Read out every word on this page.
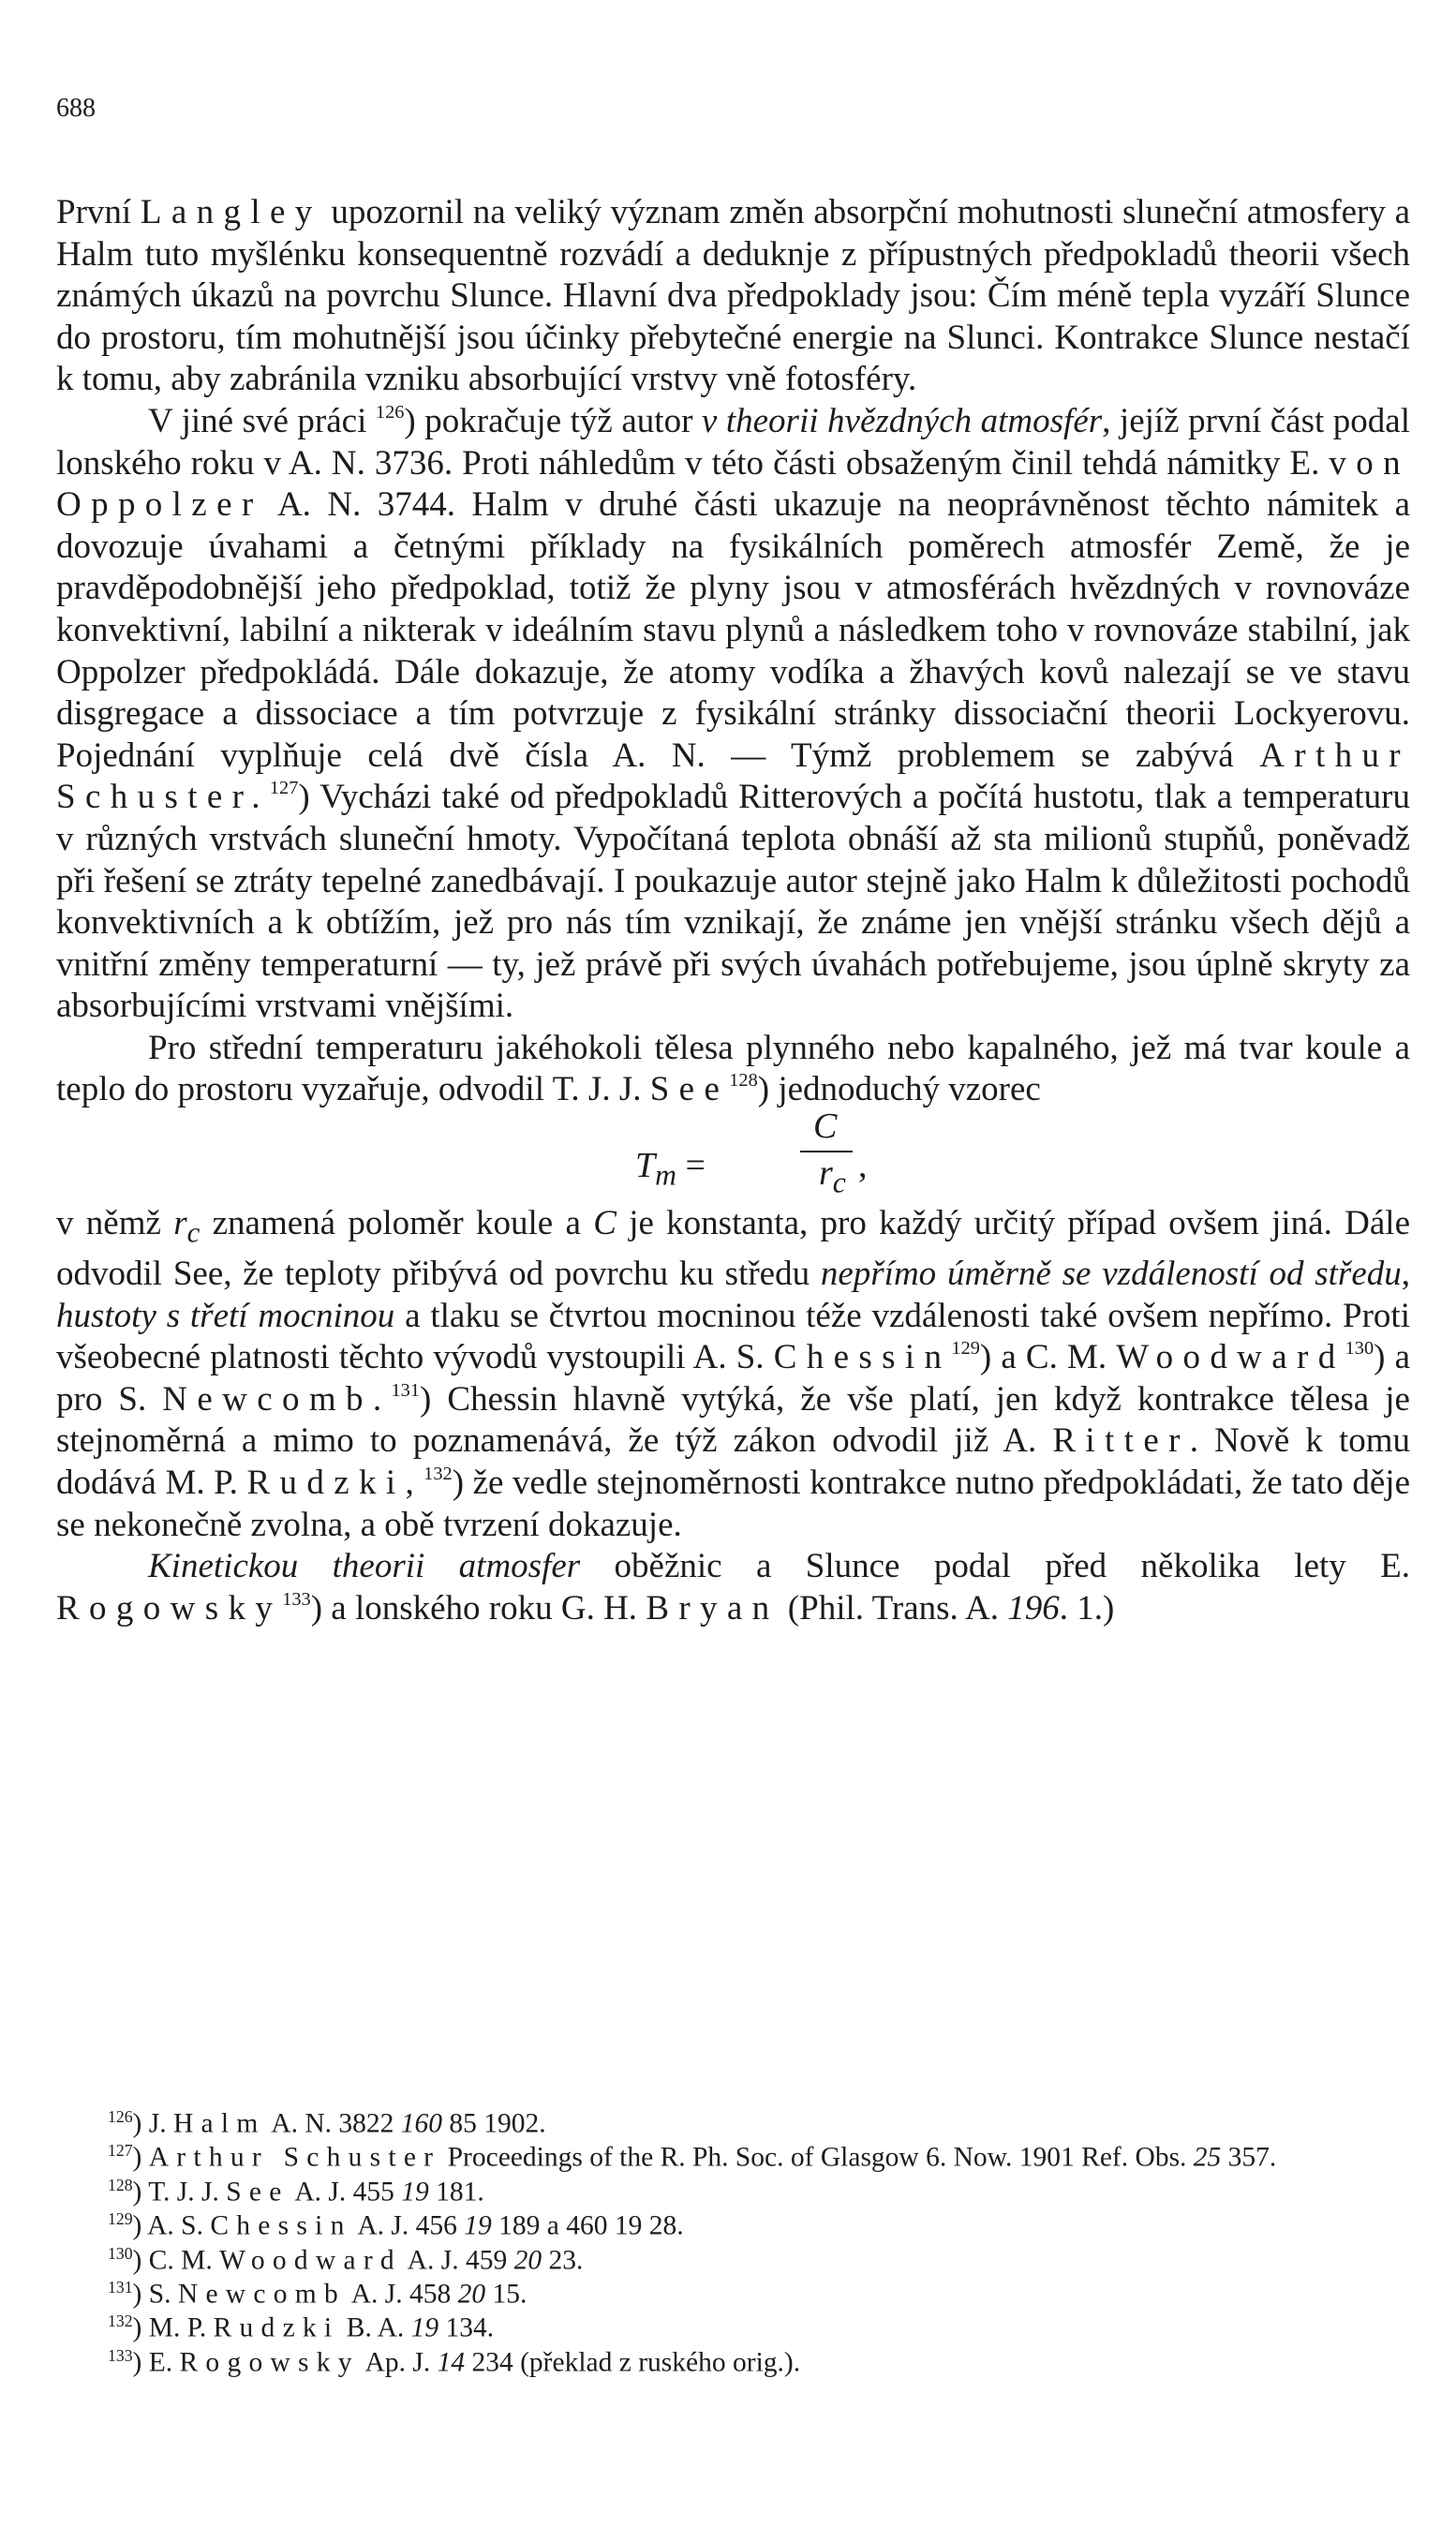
688

První Langley upozornil na veliký význam změn absorpční mohutnosti sluneční atmosfery a Halm tuto myšlénku konsequentně rozvádí a deduknje z přípustných předpokladů theorii všech známých úkazů na povrchu Slunce. Hlavní dva předpoklady jsou: Čím méně tepla vyzáří Slunce do prostoru, tím mohutnější jsou účinky přebytečné energie na Slunci. Kontrakce Slunce nestačí k tomu, aby zabránila vzniku absorbující vrstvy vně fotosféry.

V jiné své práci $^{126}$) pokračuje týž autor v theorii hvězdných atmosfér, jejíž první část podal lonského roku v A. N. 3736. Proti náhledům v této části obsaženým činil tehdá námitky E. von Oppolzer A. N. 3744. Halm v druhé části ukazuje na neoprávněnost těchto námitek a dovozuje úvahami a četnými příklady na fysikálních poměrech atmosfér Země, že je pravděpodobnější jeho předpoklad, totiž že plyny jsou v atmosférách hvězdných v rovnováze konvektivní, labilní a nikterak v ideálním stavu plynů a následkem toho v rovnováze stabilní, jak Oppolzer předpokládá. Dále dokazuje, že atomy vodíka a žhavých kovů nalezají se ve stavu disgregace a dissociace a tím potvrzuje z fysikální stránky dissociační theorii Lockyerovu. Pojednání vyplňuje celá dvě čísla A. N. — Týmž problemem se zabývá Arthur Schuster.$^{127}$) Vycházi také od předpokladů Ritterových a počítá hustotu, tlak a temperaturu v různých vrstvách sluneční hmoty. Vypočítaná teplota obnáší až sta milionů stupňů, poněvadž při řešení se ztráty tepelné zanedbávají. I poukazuje autor stejně jako Halm k důležitosti pochodů konvektivních a k obtížím, jež pro nás tím vznikají, že známe jen vnější stránku všech dějů a vnitřní změny temperaturní — ty, jež právě při svých úvahách potřebujeme, jsou úplně skryty za absorbujícími vrstvami vnějšími.

Pro střední temperaturu jakéhokoli tělesa plynného nebo kapalného, jež má tvar koule a teplo do prostoru vyzařuje, odvodil T. J. J. See$^{128}$) jednoduchý vzorec

$T_m$ =
C
$r_c$ ,

v němž $r_c$ znamená poloměr koule a C je konstanta, pro každý určitý případ ovšem jiná. Dále odvodil See, že teploty přibývá od povrchu ku středu nepřímo úměrně se vzdáleností od středu, hustoty s třetí mocninou a tlaku se čtvrtou mocninou téže vzdálenosti také ovšem nepřímo. Proti všeobecné platnosti těchto vývodů vystoupili A. S. Chessin$^{129}$) a C. M. Woodward$^{130}$) a pro S. Newcomb.$^{131}$) Chessin hlavně vytýká, že vše platí, jen když kontrakce tělesa je stejnoměrná a mimo to poznamenává, že týž zákon odvodil již A. Ritter. Nově k tomu dodává M. P. Rudzki,$^{132}$) že vedle stejnoměrnosti kontrakce nutno předpokládati, že tato děje se nekonečně zvolna, a obě tvrzení dokazuje.

Kinetickou theorii atmosfer oběžnic a Slunce podal před několika lety E. Rogowsky$^{133}$) a lonského roku G. H. Bryan (Phil. Trans. A. 196. 1.)

$^{126}$) J. Halm A. N. 3822 160 85 1902.

$^{127}$) Arthur Schuster Proceedings of the R. Ph. Soc. of Glasgow 6. Now. 1901 Ref. Obs. 25 357.

$^{128}$) T. J. J. See A. J. 455 19 181.

$^{129}$) A. S. Chessin A. J. 456 19 189 a 460 19 28.

$^{130}$) C. M. Woodward A. J. 459 20 23.

$^{131}$) S. Newcomb A. J. 458 20 15.

$^{132}$) M. P. Rudzki B. A. 19 134.

$^{133}$) E. Rogowsky Ap. J. 14 234 (překlad z ruského orig.).
